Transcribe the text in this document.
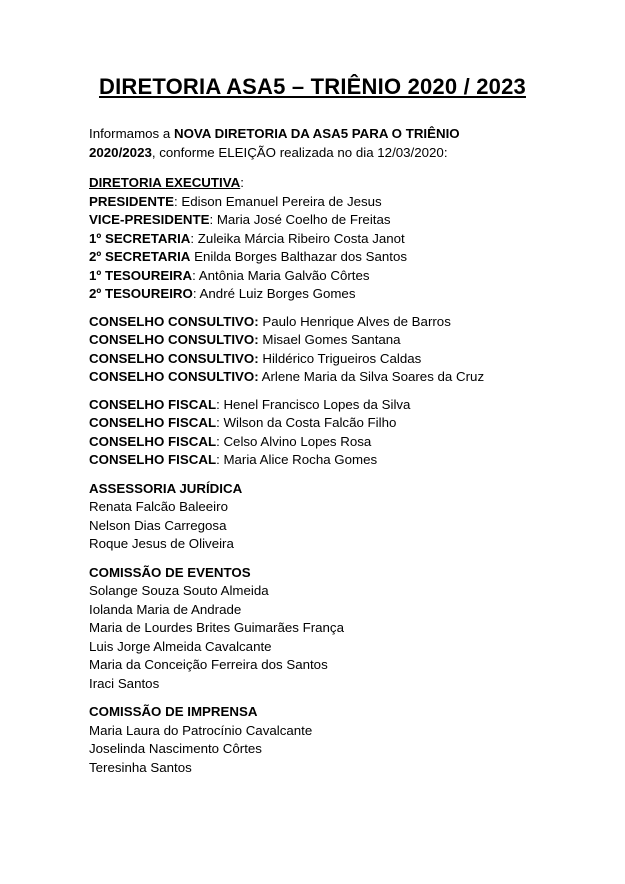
DIRETORIA ASA5 – TRIÊNIO 2020 / 2023

Informamos a NOVA DIRETORIA DA ASA5 PARA O TRIÊNIO

2020/2023, conforme ELEIÇÃO realizada no dia 12/03/2020:

DIRETORIA EXECUTIVA:

PRESIDENTE: Edison Emanuel Pereira de Jesus

VICE-PRESIDENTE: Maria José Coelho de Freitas

1º SECRETARIA: Zuleika Márcia Ribeiro Costa Janot

2º SECRETARIA Enilda Borges Balthazar dos Santos

1º TESOUREIRA: Antônia Maria Galvão Côrtes

2º TESOUREIRO: André Luiz Borges Gomes

CONSELHO CONSULTIVO: Paulo Henrique Alves de Barros

CONSELHO CONSULTIVO: Misael Gomes Santana

CONSELHO CONSULTIVO: Hildérico Trigueiros Caldas

CONSELHO CONSULTIVO: Arlene Maria da Silva Soares da Cruz

CONSELHO FISCAL: Henel Francisco Lopes da Silva

CONSELHO FISCAL: Wilson da Costa Falcão Filho

CONSELHO FISCAL: Celso Alvino Lopes Rosa

CONSELHO FISCAL: Maria Alice Rocha Gomes

ASSESSORIA JURÍDICA

Renata Falcão Baleeiro

Nelson Dias Carregosa

Roque Jesus de Oliveira

COMISSÃO DE EVENTOS

Solange Souza Souto Almeida

Iolanda Maria de Andrade

Maria de Lourdes Brites Guimarães França

Luis Jorge Almeida Cavalcante

Maria da Conceição Ferreira dos Santos

Iraci Santos

COMISSÃO DE IMPRENSA

Maria Laura do Patrocínio Cavalcante

Joselinda Nascimento Côrtes

Teresinha Santos
